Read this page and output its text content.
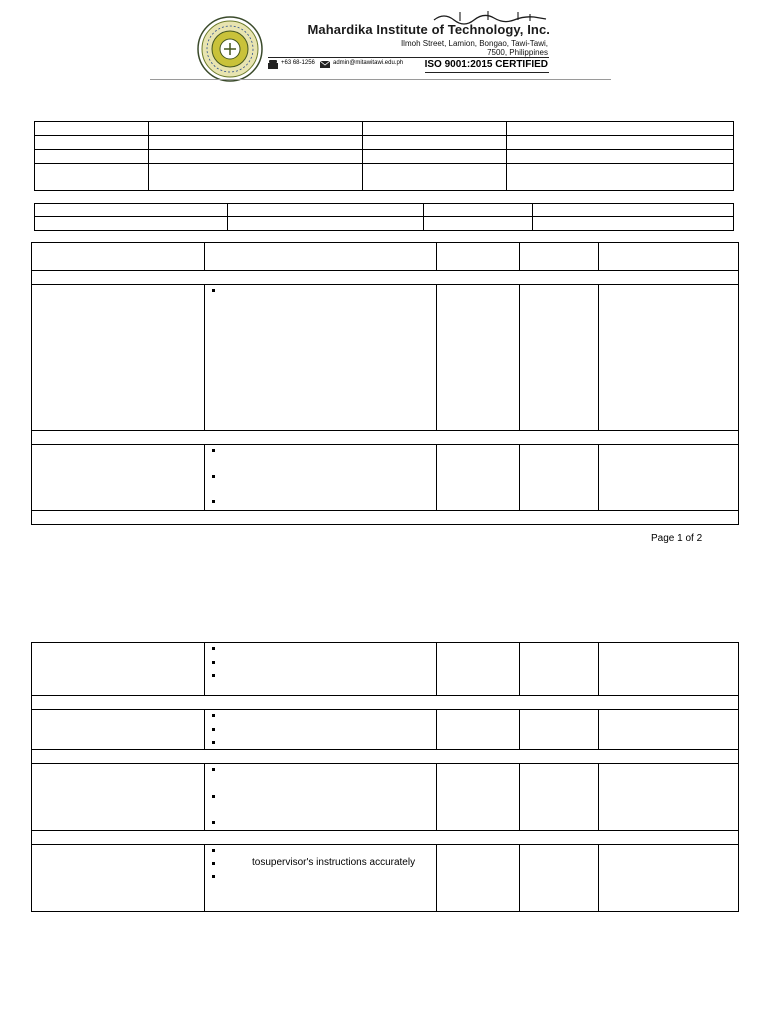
Mahardika Institute of Technology, Inc.
Ilmoh Street, Lamion, Bongao, Tawi-Tawi,
7500, Philippines
+63 68-1256	admin@mitawitawi.edu.ph	ISO 9001:2015 CERTIFIED
Page 1 of 2
tosupervisor's instructions accurately
